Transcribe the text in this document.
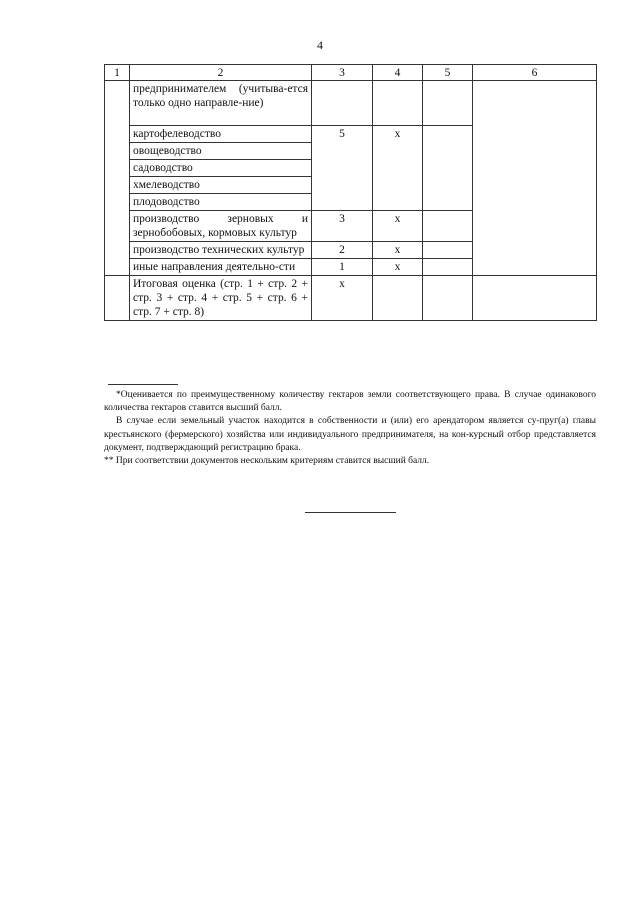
4
1	2	3	4	5	6
	предпринимателем (учитыва-ется только одно направле-ние)				
	картофелеводство	5	x		
	овощеводство				
	садоводство				
	хмелеводство				
	плодоводство				
	производство зерновых и зернобобовых, кормовых культур	3	x		
	производство технических культур	2	x		
	иные направления деятельно-сти	1	x		
	Итоговая оценка (стр. 1 + стр. 2 + стр. 3 + стр. 4 + стр. 5 + стр. 6 + стр. 7 + стр. 8)	x			

*Оценивается по преимущественному количеству гектаров земли соответствующего права. В случае одинакового количества гектаров ставится высший балл.

В случае если земельный участок находится в собственности и (или) его арендатором является су-пруг(а) главы крестьянского (фермерского) хозяйства или индивидуального предпринимателя, на кон-курсный отбор представляется документ, подтверждающий регистрацию брака.

** При соответствии документов нескольким критериям ставится высший балл.
